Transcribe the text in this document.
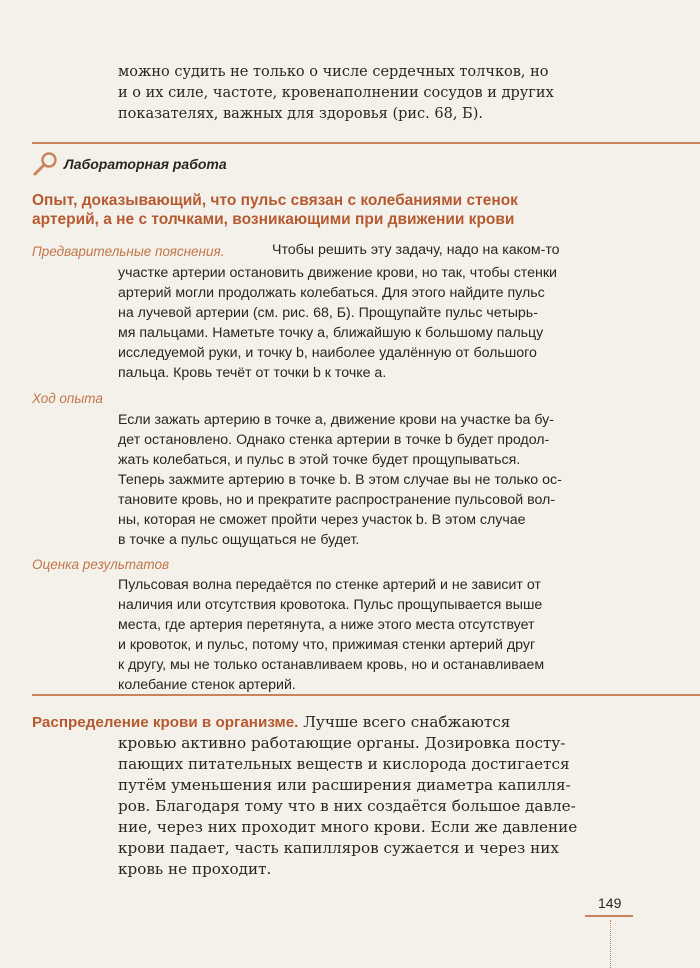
можно судить не только о числе сердечных толчков, но
и о их силе, частоте, кровенаполнении сосудов и других
показателях, важных для здоровья (рис. 68, Б).
Лабораторная работа
Опыт, доказывающий, что пульс связан с колебаниями стенок
артерий, а не с толчками, возникающими при движении крови
Предварительные пояснения.	Чтобы решить эту задачу, надо на каком-то
участке артерии остановить движение крови, но так, чтобы стенки
артерий могли продолжать колебаться. Для этого найдите пульс
на лучевой артерии (см. рис. 68, Б). Прощупайте пульс четырь-
мя пальцами. Наметьте точку а, ближайшую к большому пальцу
исследуемой руки, и точку b, наиболее удалённую от большого
пальца. Кровь течёт от точки b к точке а.
Ход опыта
Если зажать артерию в точке а, движение крови на участке bа бу-
дет остановлено. Однако стенка артерии в точке b будет продол-
жать колебаться, и пульс в этой точке будет прощупываться.
Теперь зажмите артерию в точке b. В этом случае вы не только ос-
тановите кровь, но и прекратите распространение пульсовой вол-
ны, которая не сможет пройти через участок b. В этом случае
в точке а пульс ощущаться не будет.
Оценка результатов
Пульсовая волна передаётся по стенке артерий и не зависит от
наличия или отсутствия кровотока. Пульс прощупывается выше
места, где артерия перетянута, а ниже этого места отсутствует
и кровоток, и пульс, потому что, прижимая стенки артерий друг
к другу, мы не только останавливаем кровь, но и останавливаем
колебание стенок артерий.
Распределение крови в организме. Лучше всего снабжаются
кровью активно работающие органы. Дозировка посту-
пающих питательных веществ и кислорода достигается
путём уменьшения или расширения диаметра капилля-
ров. Благодаря тому что в них создаётся большое давле-
ние, через них проходит много крови. Если же давление
крови падает, часть капилляров сужается и через них
кровь не проходит.
149
